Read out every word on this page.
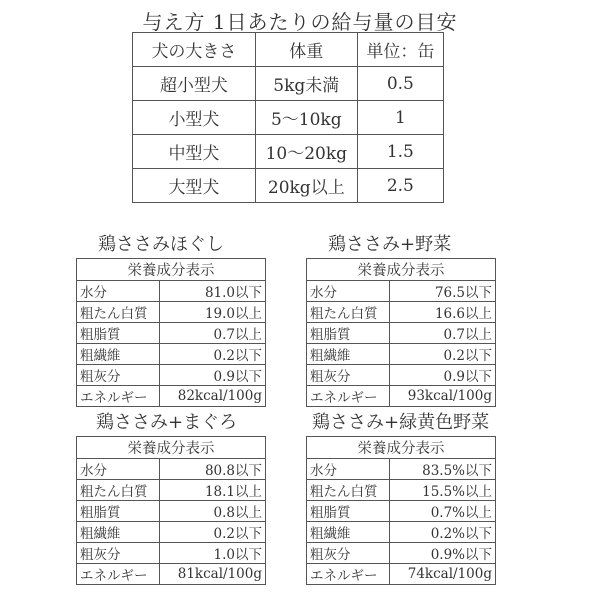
与え方 1日あたりの給与量の目安
犬の大きさ	体重	単位：缶
超小型犬	5kg未満	0.5
小型犬	5～10kg	1
中型犬	10～20kg	1.5
大型犬	20kg以上	2.5
鶏ささみほぐし
栄養成分表示	
水分	81.0以下
粗たん白質	19.0以上
粗脂質	0.7以上
粗繊維	0.2以下
粗灰分	0.9以下
エネルギー	82kcal/100g
鶏ささみ+野菜
栄養成分表示	
水分	76.5以下
粗たん白質	16.6以上
粗脂質	0.7以上
粗繊維	0.2以下
粗灰分	0.9以下
エネルギー	93kcal/100g
鶏ささみ+まぐろ
栄養成分表示	
水分	80.8以下
粗たん白質	18.1以上
粗脂質	0.8以上
粗繊維	0.2以下
粗灰分	1.0以下
エネルギー	81kcal/100g
鶏ささみ+緑黄色野菜
栄養成分表示	
水分	83.5%以下
粗たん白質	15.5%以上
粗脂質	0.7%以上
粗繊維	0.2%以下
粗灰分	0.9%以下
エネルギー	74kcal/100g
